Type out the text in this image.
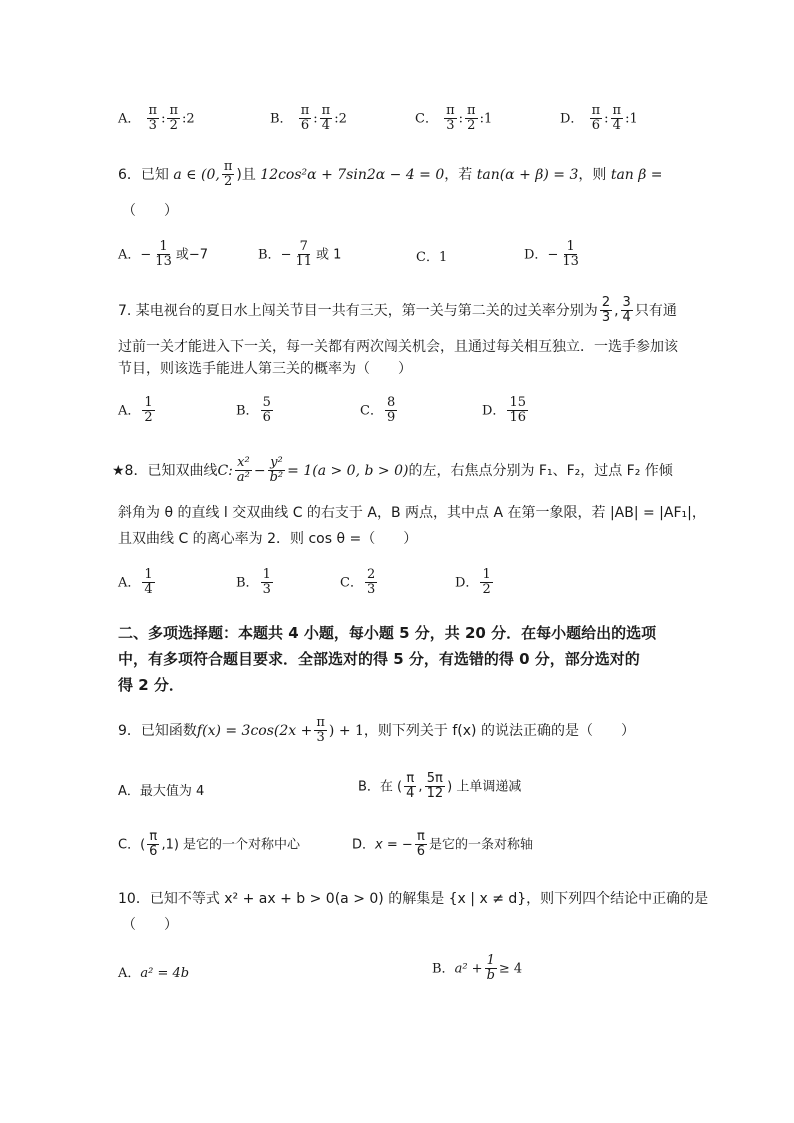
A． $\frac{\pi}{3}$ : $\frac{\pi}{2}$ :2	B． $\frac{\pi}{6}$ : $\frac{\pi}{4}$ :2	C． $\frac{\pi}{3}$ : $\frac{\pi}{2}$ :1	D． $\frac{\pi}{6}$ : $\frac{\pi}{4}$ :1
6．已知 a ∈ (0, $\frac{\pi}{2}$ )且 12cos²α + 7sin2α − 4 = 0，若 tan(α + β) = 3，则 tan β =
（　　）
A．− $\frac{1}{13}$ 或−7	B．− $\frac{7}{11}$ 或 1	C．1	D．− $\frac{1}{13}$
7. 某电视台的夏日水上闯关节目一共有三天，第一关与第二关的过关率分别为 $\frac{2}{3}$ , $\frac{3}{4}$ 只有通
过前一关才能进入下一关，每一关都有两次闯关机会，且通过每关相互独立．一选手参加该
节目，则该选手能进人第三关的概率为（　　）
A． $\frac{1}{2}$	B． $\frac{5}{6}$	C． $\frac{8}{9}$	D． $\frac{15}{16}$
★8．已知双曲线C: $\frac{\text{x²}}{\text{a²}} - \frac{\text{y²}}{\text{b²}} = 1(a > 0$, b > 0)的左，右焦点分别为 F₁、F₂，过点 F₂ 作倾
斜角为 θ 的直线 l 交双曲线 C 的右支于 A，B 两点，其中点 A 在第一象限，若 |AB| = |AF₁|，
且双曲线 C 的离心率为 2．则 cos θ =（　　）
A． $\frac{1}{4}$	B． $\frac{1}{3}$	C． $\frac{2}{3}$	D． $\frac{1}{2}$
二、多项选择题：本题共 4 小题，每小题 5 分，共 20 分．在每小题给出的选项
中，有多项符合题目要求．全部选对的得 5 分，有选错的得 0 分，部分选对的
得 2 分．
9．已知函数$f(x) = 3\cos(2x + \frac{\pi}{3}$ ) + 1，则下列关于 f(x) 的说法正确的是（　　）
A．最大值为 4	B．在 ( $\frac{\pi}{4}$ , $\frac{5\pi}{12}$ ) 上单调递减
C．( $\frac{\pi}{6} ,1$) 是它的一个对称中心	D．x = − $\frac{\pi}{6}$ 是它的一条对称轴
10．已知不等式 x² + ax + b > 0(a > 0) 的解集是 {x | x ≠ d}，则下列四个结论中正确的是
（　　）
A．a² = 4b	B．$a^2 + \frac{1}{b} \ge 4$
